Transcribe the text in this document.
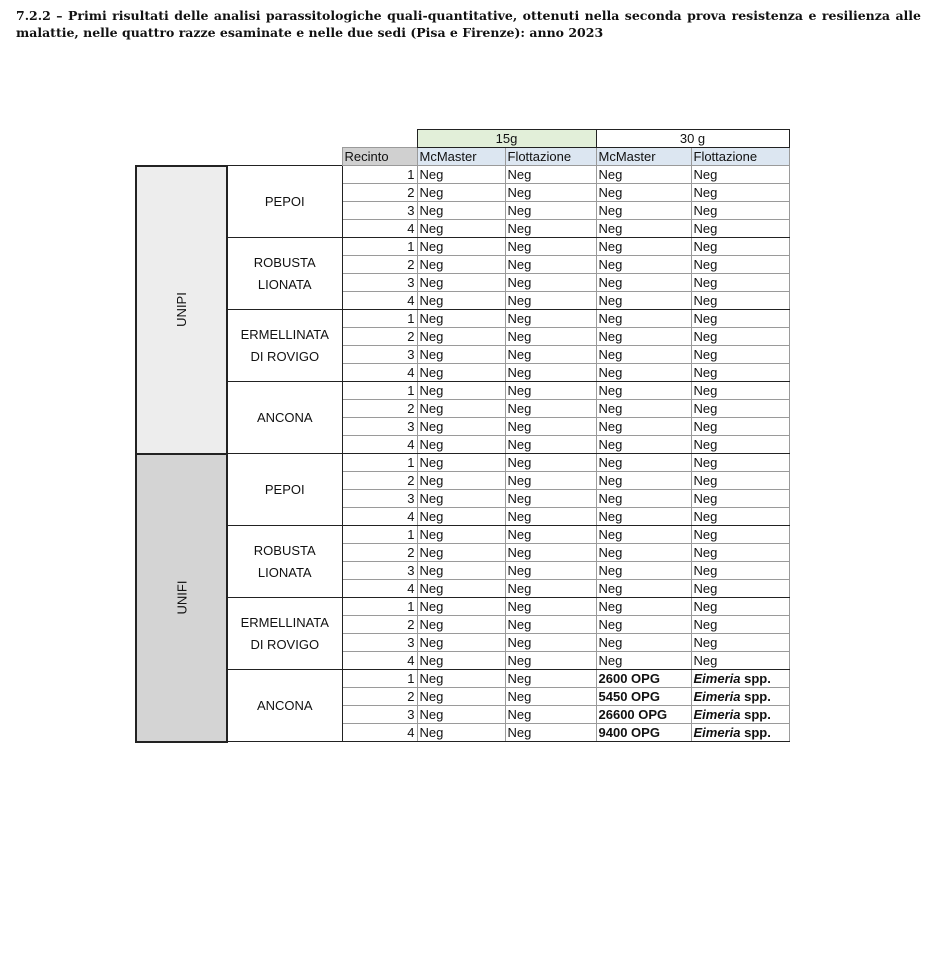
7.2.2 – Primi risultati delle analisi parassitologiche quali-quantitative, ottenuti nella seconda prova resistenza e resilienza alle malattie, nelle quattro razze esaminate e nelle due sedi (Pisa e Firenze): anno 2023
			15g		30 g	
		Recinto	McMaster	Flottazione	McMaster	Flottazione
UNIPI	PEPOI	1	Neg	Neg	Neg	Neg
		2	Neg	Neg	Neg	Neg
		3	Neg	Neg	Neg	Neg
		4	Neg	Neg	Neg	Neg

	ROBUSTA
LIONATA	1	Neg	Neg	Neg	Neg
		2	Neg	Neg	Neg	Neg
		3	Neg	Neg	Neg	Neg
		4	Neg	Neg	Neg	Neg

	ERMELLINATA
DI ROVIGO	1	Neg	Neg	Neg	Neg
		2	Neg	Neg	Neg	Neg
		3	Neg	Neg	Neg	Neg
		4	Neg	Neg	Neg	Neg

	ANCONA	1	Neg	Neg	Neg	Neg
		2	Neg	Neg	Neg	Neg
		3	Neg	Neg	Neg	Neg
		4	Neg	Neg	Neg	Neg
UNIFI	PEPOI	1	Neg	Neg	Neg	Neg
		2	Neg	Neg	Neg	Neg
		3	Neg	Neg	Neg	Neg
		4	Neg	Neg	Neg	Neg

	ROBUSTA
LIONATA	1	Neg	Neg	Neg	Neg
		2	Neg	Neg	Neg	Neg
		3	Neg	Neg	Neg	Neg
		4	Neg	Neg	Neg	Neg

	ERMELLINATA
DI ROVIGO	1	Neg	Neg	Neg	Neg
		2	Neg	Neg	Neg	Neg
		3	Neg	Neg	Neg	Neg
		4	Neg	Neg	Neg	Neg

	ANCONA	1	Neg	Neg	2600 OPG	Eimeria spp.
		2	Neg	Neg	5450 OPG	Eimeria spp.
		3	Neg	Neg	26600 OPG	Eimeria spp.
		4	Neg	Neg	9400 OPG	Eimeria spp.
